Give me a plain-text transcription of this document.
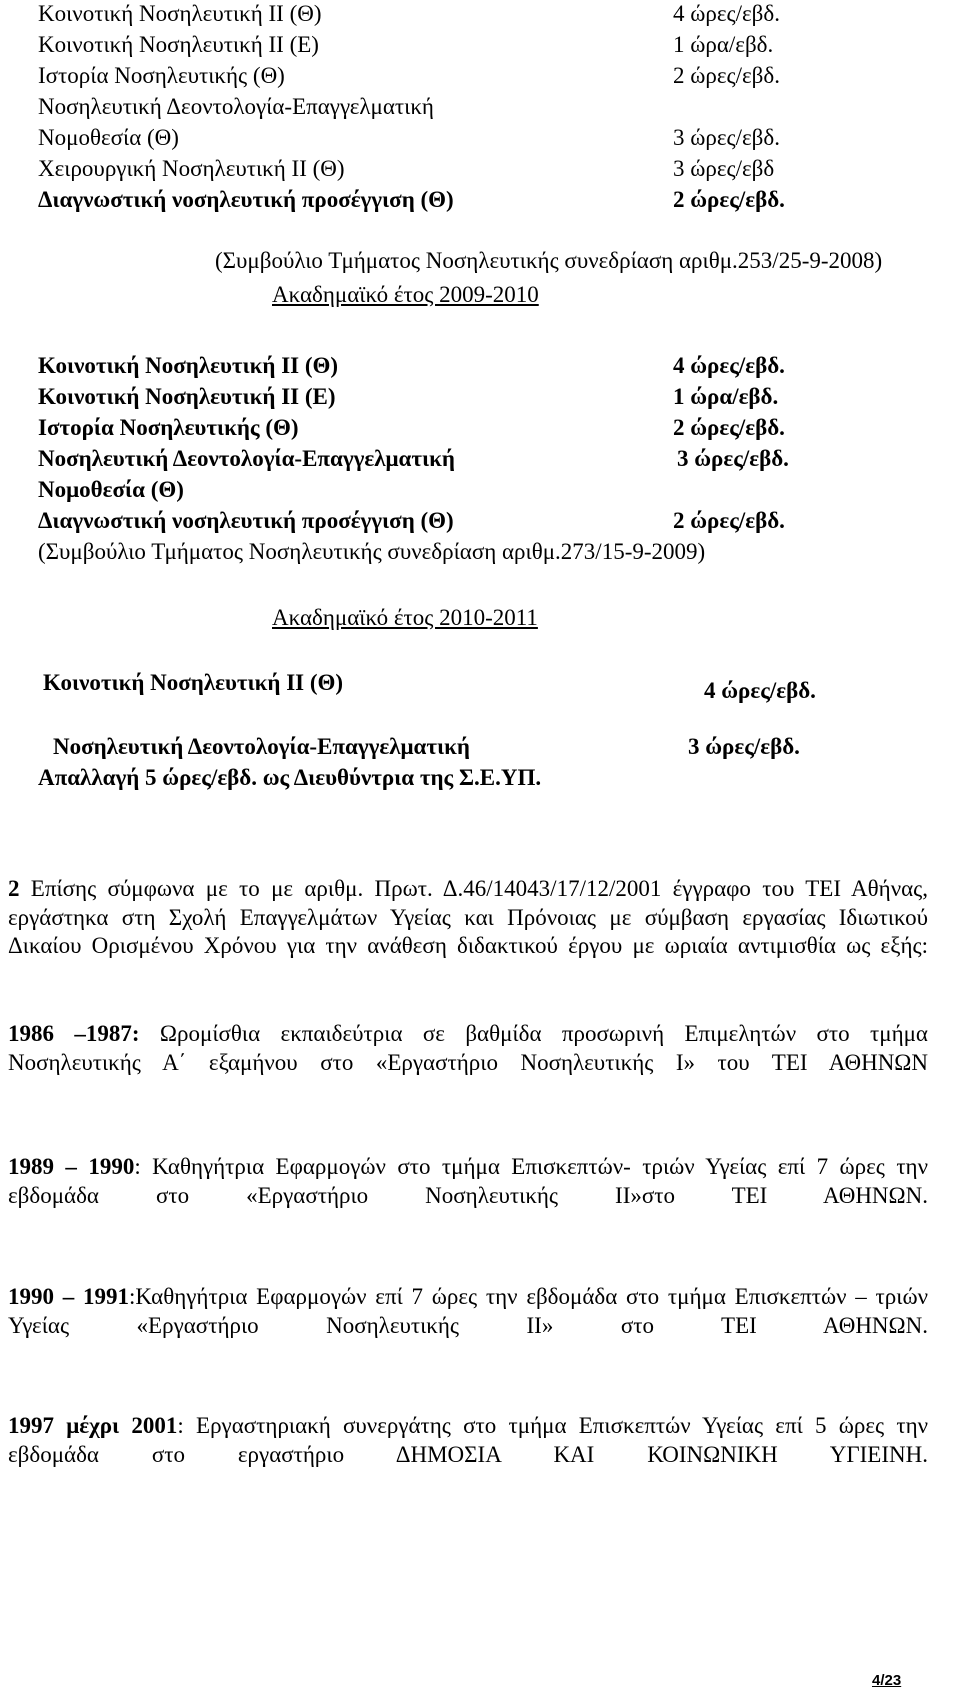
Κοινοτική Νοσηλευτική ΙΙ (Θ)	4 ώρες/εβδ.
Κοινοτική Νοσηλευτική ΙΙ (Ε)	1 ώρα/εβδ.
Ιστορία Νοσηλευτικής (Θ)	2 ώρες/εβδ.
Νοσηλευτική Δεοντολογία-Επαγγελματική
Νομοθεσία (Θ)	3 ώρες/εβδ.
Χειρουργική Νοσηλευτική ΙΙ (Θ)	3 ώρες/εβδ
Διαγνωστική νοσηλευτική προσέγγιση (Θ)	2 ώρες/εβδ.
(Συμβούλιο Τμήματος Νοσηλευτικής συνεδρίαση αριθμ.253/25-9-2008)
Ακαδημαϊκό έτος 2009-2010
Κοινοτική Νοσηλευτική ΙΙ (Θ)	4 ώρες/εβδ.
Κοινοτική Νοσηλευτική ΙΙ (Ε)	1 ώρα/εβδ.
Ιστορία Νοσηλευτικής (Θ)	2 ώρες/εβδ.
Νοσηλευτική Δεοντολογία-Επαγγελματική	3 ώρες/εβδ.
Νομοθεσία (Θ)
Διαγνωστική νοσηλευτική προσέγγιση (Θ)	2 ώρες/εβδ.
(Συμβούλιο Τμήματος Νοσηλευτικής συνεδρίαση αριθμ.273/15-9-2009)
Ακαδημαϊκό έτος 2010-2011
Κοινοτική Νοσηλευτική ΙΙ (Θ)	4 ώρες/εβδ.
Νοσηλευτική Δεοντολογία-Επαγγελματική	3 ώρες/εβδ.
Απαλλαγή 5 ώρες/εβδ. ως Διευθύντρια της Σ.Ε.ΥΠ.
2 Επίσης σύμφωνα με το με αριθμ. Πρωτ. Δ.46/14043/17/12/2001 έγγραφο του ΤΕΙ Αθήνας, εργάστηκα στη Σχολή Επαγγελμάτων Υγείας και Πρόνοιας με σύμβαση εργασίας Ιδιωτικού Δικαίου Ορισμένου Χρόνου για την ανάθεση διδακτικού έργου με ωριαία αντιμισθία ως εξής:
1986 –1987: Ωρομίσθια εκπαιδεύτρια σε βαθμίδα προσωρινή Επιμελητών στο τμήμα Νοσηλευτικής Α΄ εξαμήνου στο «Εργαστήριο Νοσηλευτικής Ι» του ΤΕΙ ΑΘΗΝΩΝ
1989 – 1990: Καθηγήτρια Εφαρμογών στο τμήμα Επισκεπτών- τριών Υγείας επί 7 ώρες την εβδομάδα στο «Εργαστήριο Νοσηλευτικής ΙΙ»στο ΤΕΙ ΑΘΗΝΩΝ.
1990 – 1991:Καθηγήτρια Εφαρμογών επί 7 ώρες την εβδομάδα στο τμήμα Επισκεπτών – τριών Υγείας «Εργαστήριο Νοσηλευτικής ΙΙ» στο ΤΕΙ ΑΘΗΝΩΝ.
1997 μέχρι 2001: Εργαστηριακή συνεργάτης στο τμήμα Επισκεπτών Υγείας επί 5 ώρες την εβδομάδα στο εργαστήριο ΔΗΜΟΣΙΑ ΚΑΙ ΚΟΙΝΩΝΙΚΗ ΥΓΙΕΙΝΗ.
4/23
